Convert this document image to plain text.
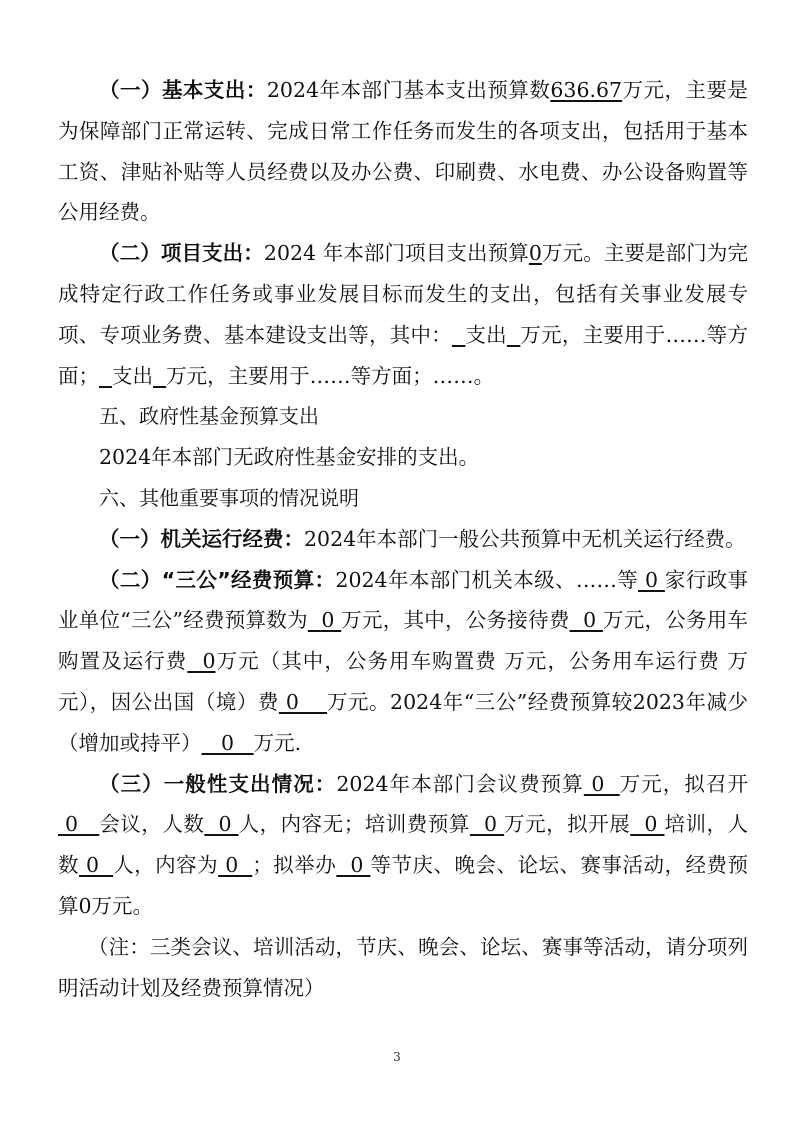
（一）基本支出：2024年本部门基本支出预算数636.67万元，主要是为保障部门正常运转、完成日常工作任务而发生的各项支出，包括用于基本工资、津贴补贴等人员经费以及办公费、印刷费、水电费、办公设备购置等公用经费。

（二）项目支出：2024 年本部门项目支出预算0万元。主要是部门为完成特定行政工作任务或事业发展目标而发生的支出，包括有关事业发展专项、专项业务费、基本建设支出等，其中： 支出 万元，主要用于……等方面； 支出 万元，主要用于……等方面；……。

五、政府性基金预算支出

2024年本部门无政府性基金安排的支出。

六、其他重要事项的情况说明

（一）机关运行经费：2024年本部门一般公共预算中无机关运行经费。

（二）“三公”经费预算：2024年本部门机关本级、……等 0 家行政事业单位“三公”经费预算数为  0 万元，其中，公务接待费  0 万元，公务用车购置及运行费  0万元（其中，公务用车购置费 万元，公务用车运行费 万元），因公出国（境）费 0    万元。2024年“三公”经费预算较2023年减少（增加或持平）   0   万元.

（三）一般性支出情况：2024年本部门会议费预算 0  万元，拟召开 0   会议，人数  0 人，内容无；培训费预算  0 万元，拟开展  0 培训，人数 0  人，内容为 0  ；拟举办  0 等节庆、晚会、论坛、赛事活动，经费预算0万元。

（注：三类会议、培训活动，节庆、晚会、论坛、赛事等活动，请分项列明活动计划及经费预算情况）

3
